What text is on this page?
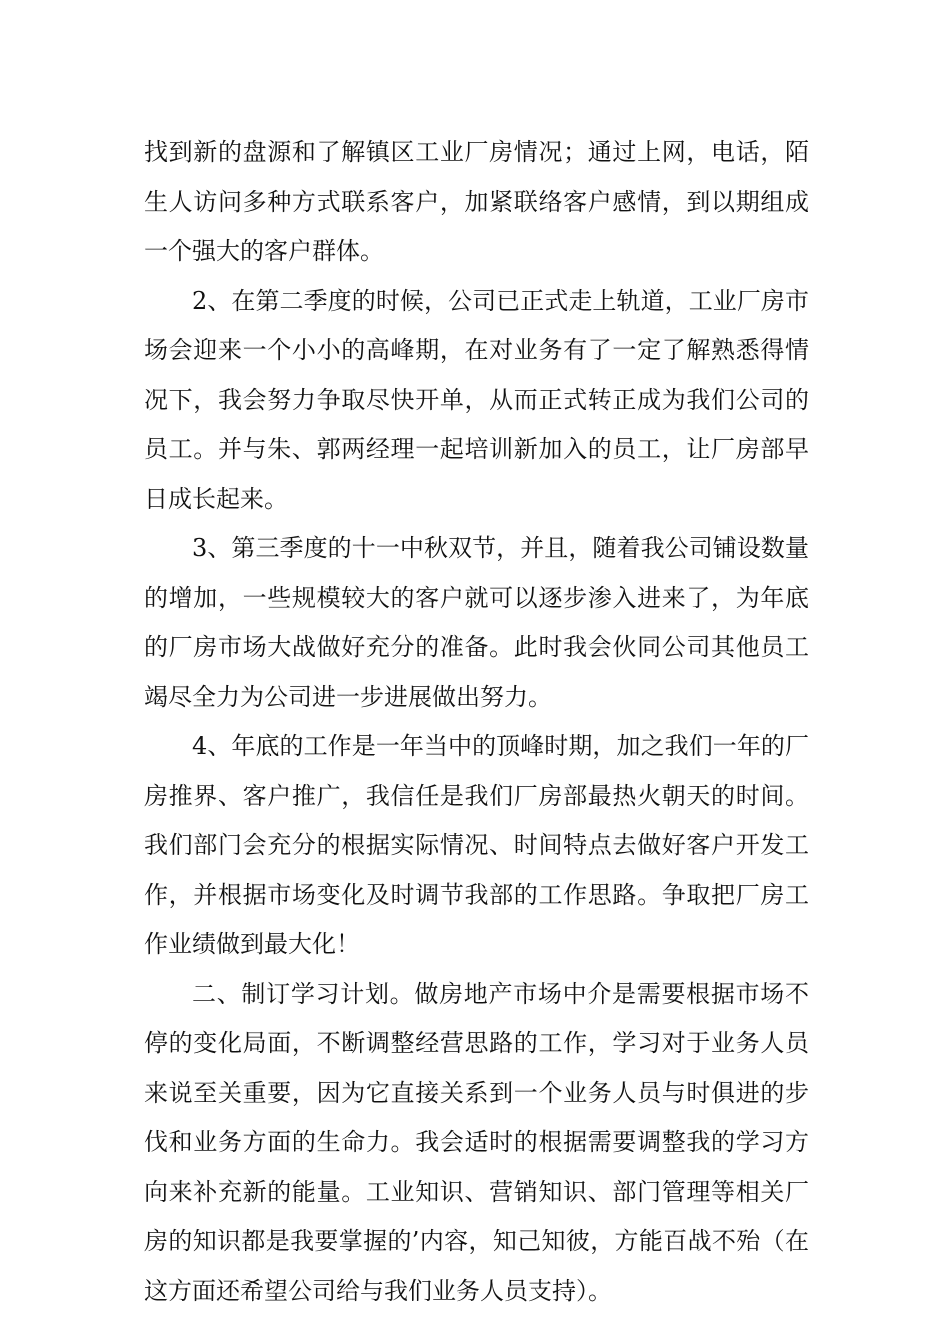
找到新的盘源和了解镇区工业厂房情况；通过上网，电话，陌生人访问多种方式联系客户，加紧联络客户感情，到以期组成一个强大的客户群体。

2、在第二季度的时候，公司已正式走上轨道，工业厂房市场会迎来一个小小的高峰期，在对业务有了一定了解熟悉得情况下，我会努力争取尽快开单，从而正式转正成为我们公司的员工。并与朱、郭两经理一起培训新加入的员工，让厂房部早日成长起来。

3、第三季度的十一中秋双节，并且，随着我公司铺设数量的增加，一些规模较大的客户就可以逐步渗入进来了，为年底的厂房市场大战做好充分的准备。此时我会伙同公司其他员工竭尽全力为公司进一步进展做出努力。

4、年底的工作是一年当中的顶峰时期，加之我们一年的厂房推界、客户推广，我信任是我们厂房部最热火朝天的时间。我们部门会充分的根据实际情况、时间特点去做好客户开发工作，并根据市场变化及时调节我部的工作思路。争取把厂房工作业绩做到最大化！

二、制订学习计划。做房地产市场中介是需要根据市场不停的变化局面，不断调整经营思路的工作，学习对于业务人员来说至关重要，因为它直接关系到一个业务人员与时俱进的步伐和业务方面的生命力。我会适时的根据需要调整我的学习方向来补充新的能量。工业知识、营销知识、部门管理等相关厂房的知识都是我要掌握的’内容，知己知彼，方能百战不殆（在这方面还希望公司给与我们业务人员支持）。
